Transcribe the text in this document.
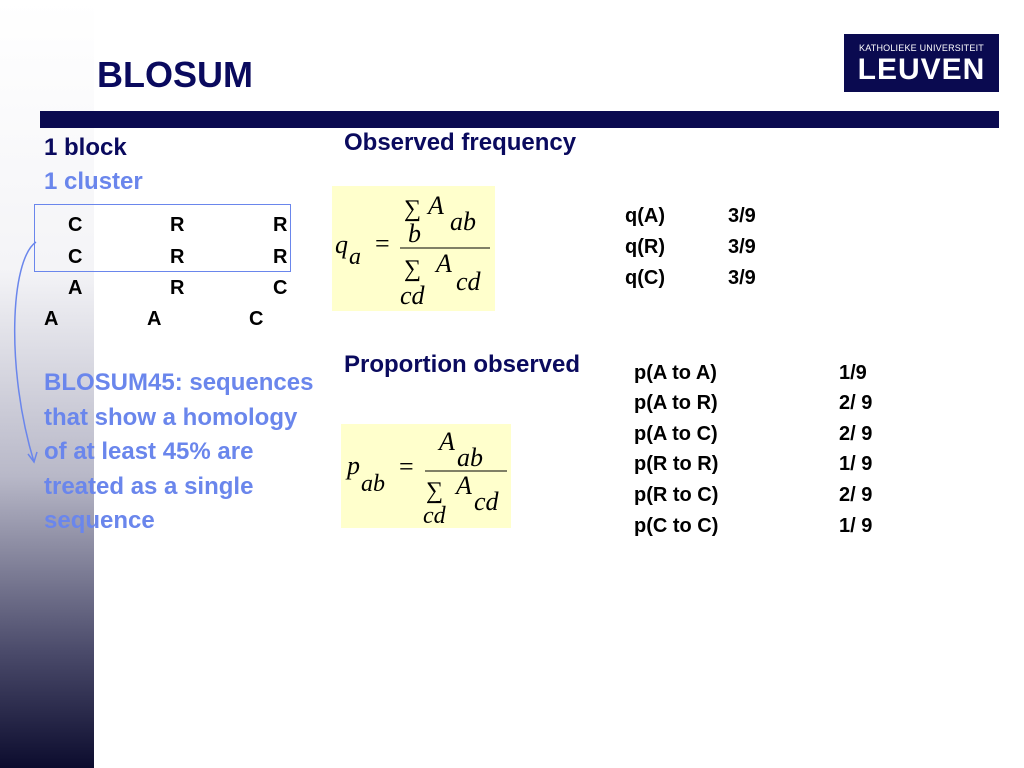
BLOSUM
KATHOLIEKE UNIVERSITEIT
LEUVEN
1 block
1 cluster
C	R	R
C	R	R
A	R	C
A	A	C
BLOSUM45: sequences that show a homology of at least 45% are treated as a single sequence
Observed frequency
q a =
∑ A
ab
b
∑ A
cd
cd
q(A)	3/9
q(R)	3/9
q(C)	3/9
Proportion observed
p
ab
=
A
ab
∑ A
cd
cd
p(A to A)	1/9
p(A to R)	2/ 9
p(A to C)	2/ 9
p(R to R)	1/ 9
p(R to C)	2/ 9
p(C to C)	1/ 9
